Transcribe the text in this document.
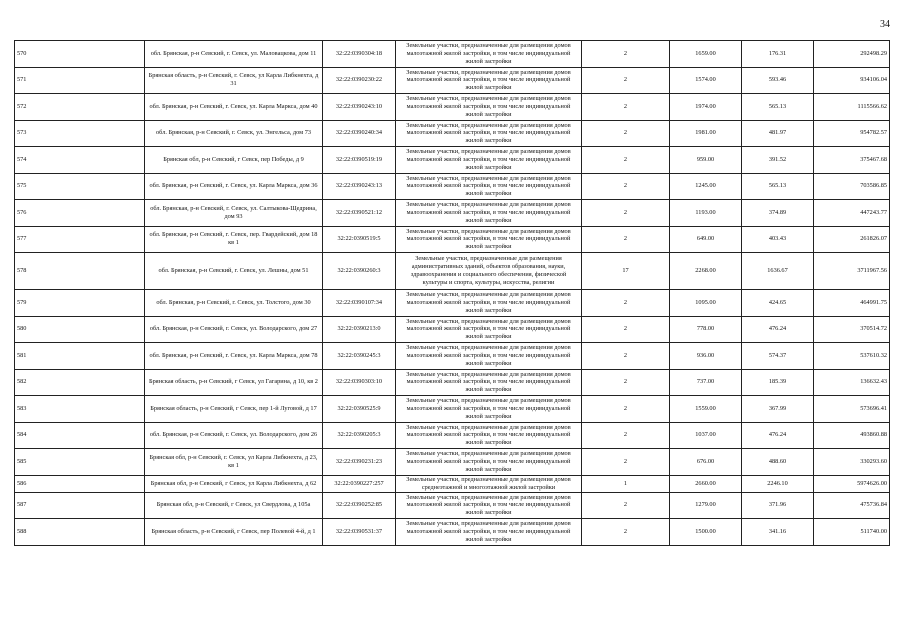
34
570	обл. Брянская, р-н Севский, г. Севск, ул. Маловацкова, дом 11	32:22:0390304:18	Земельные участки, предназначенные для размещения домов малоэтажной жилой застройки, в том числе индивидуальной жилой застройки	2	1659.00	176.31	292498.29
571	Брянская область, р-н Севский, г. Севск, ул Карла Либкнехта, д 31	32:22:0390230:22	Земельные участки, предназначенные для размещения домов малоэтажной жилой застройки, в том числе индивидуальной жилой застройки	2	1574.00	593.46	934106.04
572	обл. Брянская, р-н Севский, г. Севск, ул. Карла Маркса, дом 40	32:22:0390243:10	Земельные участки, предназначенные для размещения домов малоэтажной жилой застройки, в том числе индивидуальной жилой застройки	2	1974.00	565.13	1115566.62
573	обл. Брянская, р-н Севский, г. Севск, ул. Энгельса, дом 73	32:22:0390240:34	Земельные участки, предназначенные для размещения домов малоэтажной жилой застройки, в том числе индивидуальной жилой застройки	2	1981.00	481.97	954782.57
574	Брянская обл, р-н Севский, г Севск, пер Победы, д 9	32:22:0390519:19	Земельные участки, предназначенные для размещения домов малоэтажной жилой застройки, в том числе индивидуальной жилой застройки	2	959.00	391.52	375467.68
575	обл. Брянская, р-н Севский, г. Севск, ул. Карла Маркса, дом 36	32:22:0390243:13	Земельные участки, предназначенные для размещения домов малоэтажной жилой застройки, в том числе индивидуальной жилой застройки	2	1245.00	565.13	703586.85
576	обл. Брянская, р-н Севский, г. Севск, ул. Салтыкова-Щедрина, дом 93	32:22:0390521:12	Земельные участки, предназначенные для размещения домов малоэтажной жилой застройки, в том числе индивидуальной жилой застройки	2	1193.00	374.89	447243.77
577	обл. Брянская, р-н Севский, г. Севск, пер. Гвардейский, дом 18 кв 1	32:22:0390519:5	Земельные участки, предназначенные для размещения домов малоэтажной жилой застройки, в том числе индивидуальной жилой застройки	2	649.00	403.43	261826.07
578	обл. Брянская, р-н Севский, г. Севск, ул. Лешны, дом 51	32:22:0390260:3	Земельные участки, предназначенные для размещения административных зданий, объектов образования, науки, здравоохранения и социального обеспечения, физической культуры и спорта, культуры, искусства, религии	17	2268.00	1636.67	3711967.56
579	обл. Брянская, р-н Севский, г. Севск, ул. Толстого, дом 30	32:22:0390107:34	Земельные участки, предназначенные для размещения домов малоэтажной жилой застройки, в том числе индивидуальной жилой застройки	2	1095.00	424.65	464991.75
580	обл. Брянская, р-н Севский, г. Севск, ул. Володарского, дом 27	32:22:0390213:0	Земельные участки, предназначенные для размещения домов малоэтажной жилой застройки, в том числе индивидуальной жилой застройки	2	778.00	476.24	370514.72
581	обл. Брянская, р-н Севский, г. Севск, ул. Карла Маркса, дом 78	32:22:0390245:3	Земельные участки, предназначенные для размещения домов малоэтажной жилой застройки, в том числе индивидуальной жилой застройки	2	936.00	574.37	537610.32
582	Брянская область, р-н Севский, г Севск, ул Гагарина, д 10, кв 2	32:22:0390303:10	Земельные участки, предназначенные для размещения домов малоэтажной жилой застройки, в том числе индивидуальной жилой застройки	2	737.00	185.39	136632.43
583	Брянская область, р-н Севский, г Севск, пер 1-й Луговой, д 17	32:22:0390525:9	Земельные участки, предназначенные для размещения домов малоэтажной жилой застройки, в том числе индивидуальной жилой застройки	2	1559.00	367.99	573696.41
584	обл. Брянская, р-н Севский, г. Севск, ул. Володарского, дом 26	32:22:0390205:3	Земельные участки, предназначенные для размещения домов малоэтажной жилой застройки, в том числе индивидуальной жилой застройки	2	1037.00	476.24	493860.88
585	Брянская обл, р-н Севский, г. Севск, ул Карла Либкнехта, д 23, кв 1	32:22:0390231:23	Земельные участки, предназначенные для размещения домов малоэтажной жилой застройки, в том числе индивидуальной жилой застройки	2	676.00	488.60	330293.60
586	Брянская обл, р-н Севский, г Севск, ул Карла Либкнехта, д 62	32:22:0390227:257	Земельные участки, предназначенные для размещения домов среднеэтажной и многоэтажной жилой застройки	1	2660.00	2246.10	5974626.00
587	Брянская обл, р-н Севский, г Севск, ул Свердлова, д 105а	32:22:0390252:85	Земельные участки, предназначенные для размещения домов малоэтажной жилой застройки, в том числе индивидуальной жилой застройки	2	1279.00	371.96	475736.84
588	Брянская область, р-н Севский, г Севск, пер Полевой 4-й, д 1	32:22:0390531:37	Земельные участки, предназначенные для размещения домов малоэтажной жилой застройки, в том числе индивидуальной жилой застройки	2	1500.00	341.16	511740.00
